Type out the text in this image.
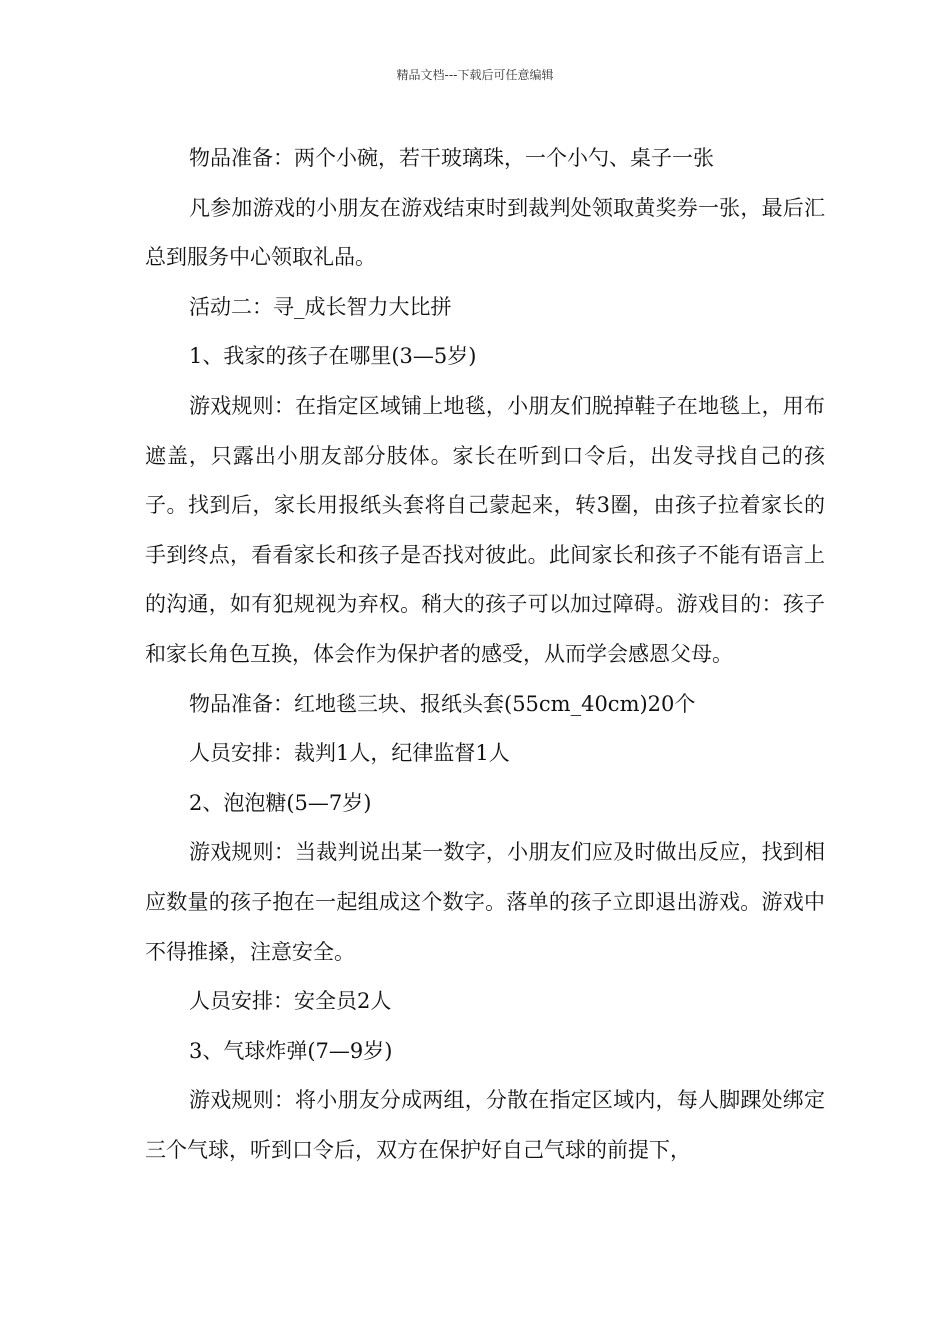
精品文档---下载后可任意编辑

物品准备：两个小碗，若干玻璃珠，一个小勺、桌子一张

凡参加游戏的小朋友在游戏结束时到裁判处领取黄奖券一张，最后汇总到服务中心领取礼品。

活动二：寻_成长智力大比拼

1、我家的孩子在哪里(3—5岁)

游戏规则：在指定区域铺上地毯，小朋友们脱掉鞋子在地毯上，用布遮盖，只露出小朋友部分肢体。家长在听到口令后，出发寻找自己的孩子。找到后，家长用报纸头套将自己蒙起来，转3圈，由孩子拉着家长的手到终点，看看家长和孩子是否找对彼此。此间家长和孩子不能有语言上的沟通，如有犯规视为弃权。稍大的孩子可以加过障碍。游戏目的：孩子和家长角色互换，体会作为保护者的感受，从而学会感恩父母。

物品准备：红地毯三块、报纸头套(55cm_40cm)20个

人员安排：裁判1人，纪律监督1人

2、泡泡糖(5—7岁)

游戏规则：当裁判说出某一数字，小朋友们应及时做出反应，找到相应数量的孩子抱在一起组成这个数字。落单的孩子立即退出游戏。游戏中不得推搡，注意安全。

人员安排：安全员2人

3、气球炸弹(7—9岁)

游戏规则：将小朋友分成两组，分散在指定区域内，每人脚踝处绑定三个气球，听到口令后，双方在保护好自己气球的前提下，
